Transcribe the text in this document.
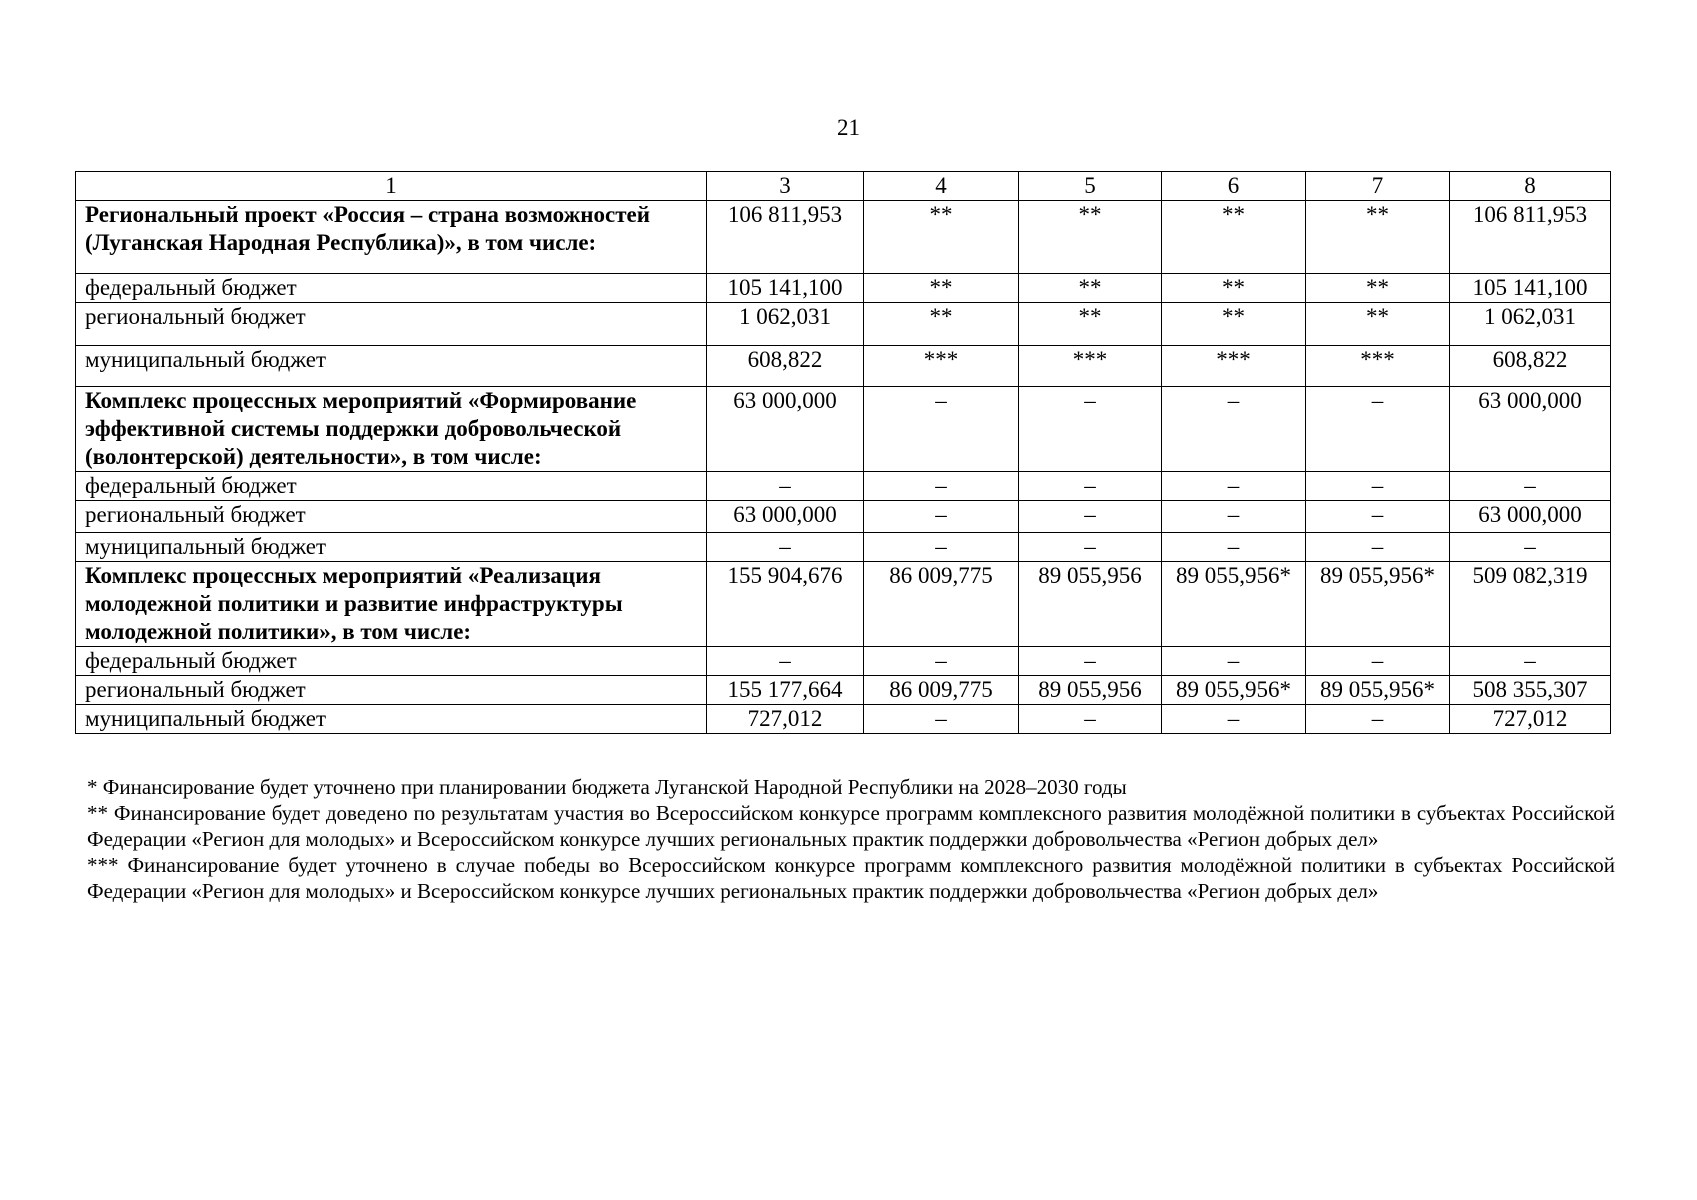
21
1	3	4	5	6	7	8
Региональный проект «Россия – страна возможностей (Луганская Народная Республика)», в том числе:	106 811,953	**	**	**	**	106 811,953
федеральный бюджет	105 141,100	**	**	**	**	105 141,100
региональный бюджет	1 062,031	**	**	**	**	1 062,031
муниципальный бюджет	608,822	***	***	***	***	608,822
Комплекс процессных мероприятий «Формирование эффективной системы поддержки добровольческой (волонтерской) деятельности», в том числе:	63 000,000	–	–	–	–	63 000,000
федеральный бюджет	–	–	–	–	–	–
региональный бюджет	63 000,000	–	–	–	–	63 000,000
муниципальный бюджет	–	–	–	–	–	–
Комплекс процессных мероприятий «Реализация молодежной политики и развитие инфраструктуры молодежной политики», в том числе:	155 904,676	86 009,775	89 055,956	89 055,956*	89 055,956*	509 082,319
федеральный бюджет	–	–	–	–	–	–
региональный бюджет	155 177,664	86 009,775	89 055,956	89 055,956*	89 055,956*	508 355,307
муниципальный бюджет	727,012	–	–	–	–	727,012

* Финансирование будет уточнено при планировании бюджета Луганской Народной Республики на 2028–2030 годы

** Финансирование будет доведено по результатам участия во Всероссийском конкурсе программ комплексного развития молодёжной политики в субъектах Российской Федерации «Регион для молодых» и Всероссийском конкурсе лучших региональных практик поддержки добровольчества «Регион добрых дел»

*** Финансирование будет уточнено в случае победы во Всероссийском конкурсе программ комплексного развития молодёжной политики в субъектах Российской Федерации «Регион для молодых» и Всероссийском конкурсе лучших региональных практик поддержки добровольчества «Регион добрых дел»
